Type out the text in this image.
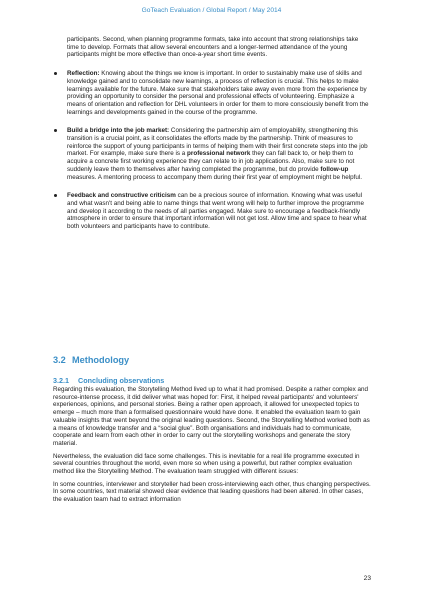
GoTeach Evaluation / Global Report / May 2014

participants. Second, when planning programme formats, take into account that strong relationships take time to develop. Formats that allow several encounters and a longer-termed attendance of the young participants might be more effective than once-a-year short time events.

Reflection: Knowing about the things we know is important. In order to sustainably make use of skills and knowledge gained and to consolidate new learnings, a process of reflection is crucial. This helps to make learnings available for the future. Make sure that stakeholders take away even more from the experience by providing an opportunity to consider the personal and professional effects of volunteering. Emphasize a means of orientation and reflection for DHL volunteers in order for them to more consciously benefit from the learnings and developments gained in the course of the programme.

Build a bridge into the job market: Considering the partnership aim of employability, strengthening this transition is a crucial point, as it consolidates the efforts made by the partnership. Think of measures to reinforce the support of young participants in terms of helping them with their first concrete steps into the job market. For example, make sure there is a professional network they can fall back to, or help them to acquire a concrete first working experience they can relate to in job applications. Also, make sure to not suddenly leave them to themselves after having completed the programme, but do provide follow-up measures. A mentoring process to accompany them during their first year of employment might be helpful.

Feedback and constructive criticism can be a precious source of information. Knowing what was useful and what wasn't and being able to name things that went wrong will help to further improve the programme and develop it according to the needs of all parties engaged. Make sure to encourage a feedback-friendly atmosphere in order to ensure that important information will not get lost. Allow time and space to hear what both volunteers and participants have to contribute.

3.2 Methodology
3.2.1 Concluding observations

Regarding this evaluation, the Storytelling Method lived up to what it had promised. Despite a rather complex and resource-intense process, it did deliver what was hoped for: First, it helped reveal participants' and volunteers' experiences, opinions, and personal stories. Being a rather open approach, it allowed for unexpected topics to emerge – much more than a formalised questionnaire would have done. It enabled the evaluation team to gain valuable insights that went beyond the original leading questions. Second, the Storytelling Method worked both as a means of knowledge transfer and a “social glue”. Both organisations and individuals had to communicate, cooperate and learn from each other in order to carry out the storytelling workshops and generate the story material.

Nevertheless, the evaluation did face some challenges. This is inevitable for a real life programme executed in several countries throughout the world, even more so when using a powerful, but rather complex evaluation method like the Storytelling Method. The evaluation team struggled with different issues:

In some countries, interviewer and storyteller had been cross-interviewing each other, thus changing perspectives. In some countries, text material showed clear evidence that leading questions had been altered. In other cases, the evaluation team had to extract information

23
